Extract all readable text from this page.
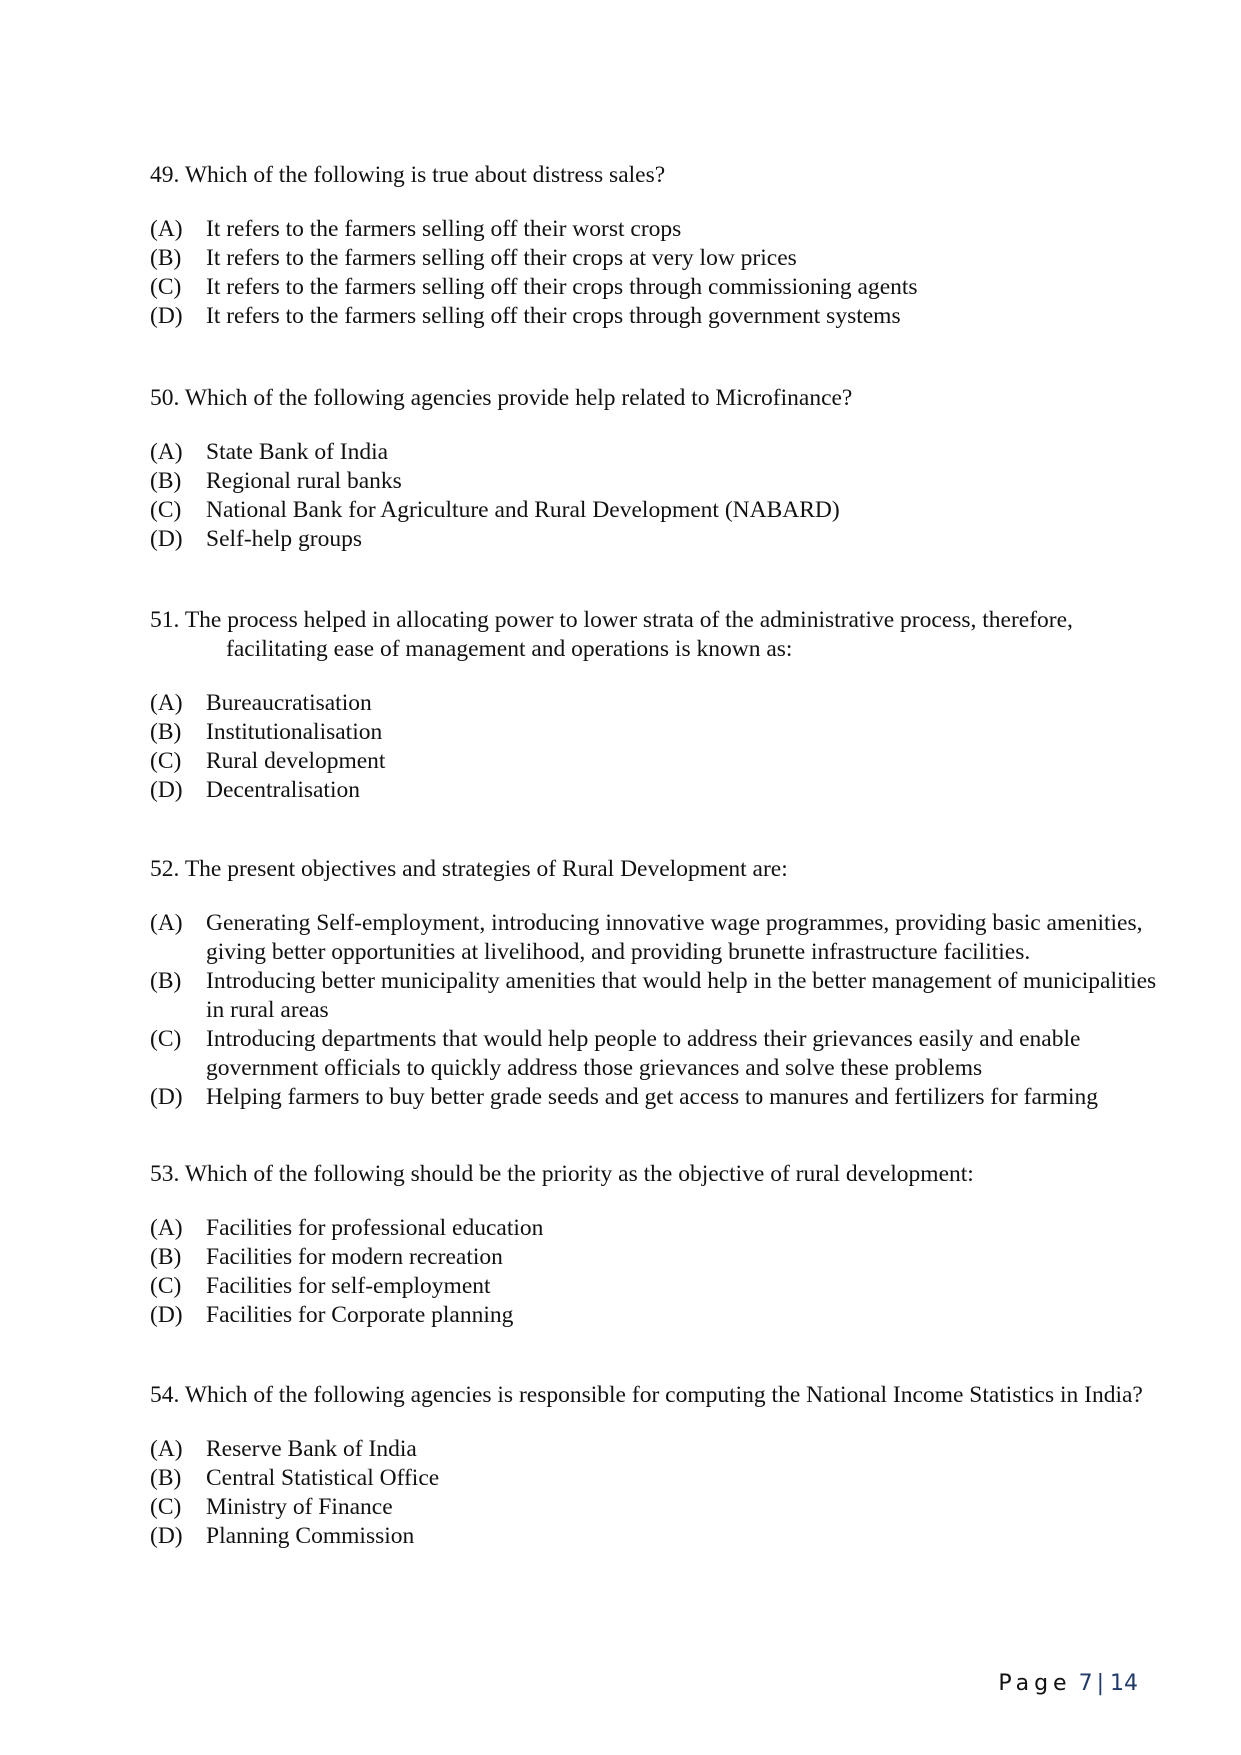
49. Which of the following is true about distress sales?

(A) It refers to the farmers selling off their worst crops
(B)	It refers to the farmers selling off their crops at very low prices
(C)	It refers to the farmers selling off their crops through commissioning agents
(D) It refers to the farmers selling off their crops through government systems

50. Which of the following agencies provide help related to Microfinance?

(A) State Bank of India
(B)	Regional rural banks
(C)	National Bank for Agriculture and Rural Development (NABARD)
(D) Self-help groups

51. The process helped in allocating power to lower strata of the administrative process, therefore, facilitating ease of management and operations is known as:

(A) Bureaucratisation
(B)	Institutionalisation
(C)	Rural development
(D) Decentralisation

52. The present objectives and strategies of Rural Development are:

(A) Generating Self-employment, introducing innovative wage programmes, providing basic amenities, giving better opportunities at livelihood, and providing brunette infrastructure facilities.
(B)	Introducing better municipality amenities that would help in the better management of municipalities in rural areas
(C)	Introducing departments that would help people to address their grievances easily and enable government officials to quickly address those grievances and solve these problems
(D) Helping farmers to buy better grade seeds and get access to manures and fertilizers for farming

53. Which of the following should be the priority as the objective of rural development:

(A) Facilities for professional education
(B)	Facilities for modern recreation
(C)	Facilities for self-employment
(D) Facilities for Corporate planning

54. Which of the following agencies is responsible for computing the National Income Statistics in India?

(A) Reserve Bank of India
(B)	Central Statistical Office
(C)	Ministry of Finance
(D) Planning Commission
Page 7 | 14
